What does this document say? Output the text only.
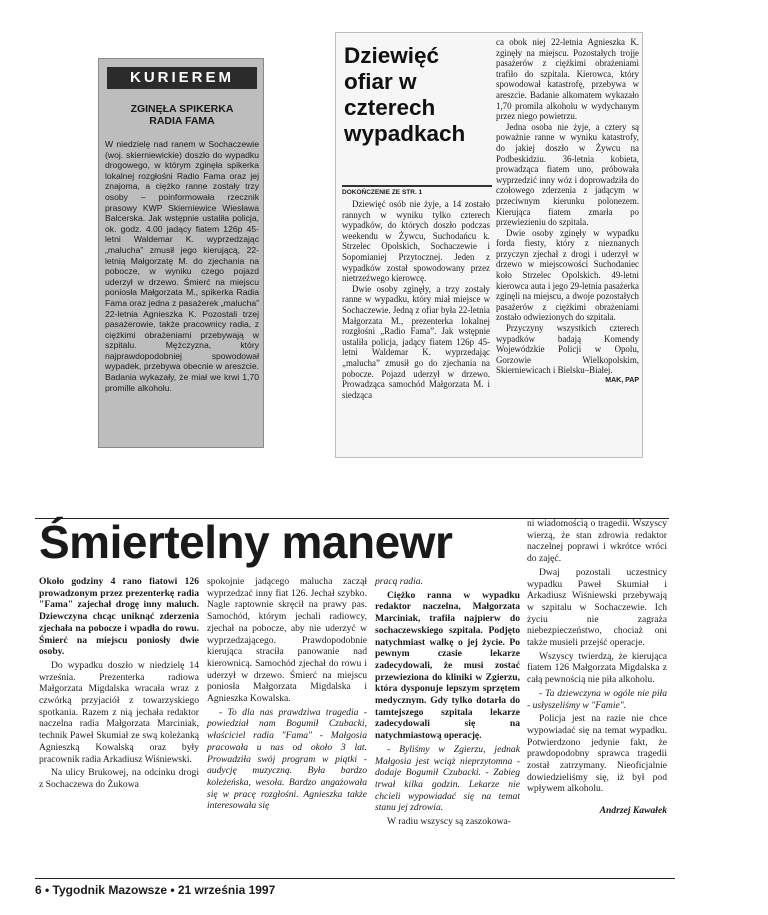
KURIEREM
ZGINĘŁA SPIKERKA RADIA FAMA
W niedzielę nad ranem w Sochaczewie (woj. skierniewickie) doszło do wypadku drogowego, w którym zginęła spikerka lokalnej rozgłośni Radio Fama oraz jej znajoma, a ciężko ranne zostały trzy osoby – poinformowała rzecznik prasowy KWP Skierniewice Wiesława Balcerska. Jak wstępnie ustaliła policja, ok. godz. 4.00 jadący fiatem 126p 45-letni Waldemar K. wyprzedzając „malucha” zmusił jego kierującą, 22-letnią Małgorzatę M. do zjechania na pobocze, w wyniku czego pojazd uderzył w drzewo. Śmierć na miejscu poniosła Małgorzata M., spikerka Radia Fama oraz jedna z pasażerek „malucha” 22-letnia Agnieszka K. Pozostali trzej pasażerowie, także pracownicy radia, z ciężkimi obrażeniami przebywają w szpitalu. Mężczyzna, który najprawdopodobniej spowodował wypadek, przebywa obecnie w areszcie. Badania wykazały, że miał we krwi 1,70 promille alkoholu.
Dziewięć ofiar w czterech wypadkach
DOKOŃCZENIE ZE STR. 1

Dziewięć osób nie żyje, a 14 zostało rannych w wyniku tylko czterech wypadków, do których doszło podczas weekendu w Żywcu, Suchodańcu k. Strzelec Opolskich, Sochaczewie i Sopomianiej Przytocznej. Jeden z wypadków został spowodowany przez nietrzeźwego kierowcę.

Dwie osoby zginęły, a trzy zostały ranne w wypadku, który miał miejsce w Sochaczewie. Jedną z ofiar była 22-letnia Małgorzata M., prezenterka lokalnej rozgłośni „Radio Fama”. Jak wstępnie ustaliła policja, jadący fiatem 126p 45-letni Waldemar K. wyprzedając „malucha” zmusił go do zjechania na pobocze. Pojazd uderzył w drzewo. Prowadząca samochód Małgorzata M. i siedząca

ca obok niej 22-letnia Agnieszka K. zginęły na miejscu. Pozostałych trojje pasażerów z ciężkimi obrażeniami trafiło do szpitala. Kierowca, który spowodował katastrofę, przebywa w areszcie. Badanie alkomatem wykazało 1,70 promila alkoholu w wydychanym przez niego powietrzu.

Jedna osoba nie żyje, a cztery są poważnie ranne w wyniku katastrofy, do jakiej doszło w Żywcu na Podbeskidziu. 36-letnia kobieta, prowadząca fiatem uno, próbowała wyprzedzić inny wóz i doprowadziła do czołowego zderzenia z jadącym w przeciwnym kierunku polonezem. Kierująca fiatem zmarła po przewiezieniu do szpitala.

Dwie osoby zginęły w wypadku forda fiesty, który z nieznanych przyczyn zjechał z drogi i uderzył w drzewo w miejscowości Suchodaniec koło Strzelec Opolskich. 49-letni kierowca auta i jego 29-letnia pasażerka zginęli na miejscu, a dwoje pozostałych pasażerów z ciężkimi obrażeniami zostało odwiezionych do szpitala.

Przyczyny wszystkich czterech wypadków badają Komendy Wojewódzkie Policji w Opolu, Gorzowie Wielkopolskim, Skierniewicach i Bielsku–Białej.

MAK, PAP
Śmiertelny manewr

Około godziny 4 rano fiatowi 126 prowadzonym przez prezenterkę radia "Fama" zajechał drogę inny maluch. Dziewczyna chcąc uniknąć zderzenia zjechała na pobocze i wpadła do rowu. Śmierć na miejscu poniosły dwie osoby.

Do wypadku doszło w niedzielę 14 września. Prezenterka radiowa Małgorzata Migdalska wracała wraz z czwórką przyjaciół z towarzyskiego spotkania. Razem z nią jechała redaktor naczelna radia Małgorzata Marciniak, technik Paweł Skumiał ze swą koleżanką Agnieszką Kowalską oraz były pracownik radia Arkadiusz Wiśniewski.

Na ulicy Brukowej, na odcinku drogi z Sochaczewa do Żukowa

spokojnie jadącego malucha zaczął wyprzedzać inny fiat 126. Jechał szybko. Nagle raptownie skręcił na prawy pas. Samochód, którym jechali radiowcy, zjechał na pobocze, aby nie uderzyć w wyprzedzającego. Prawdopodobnie kierująca straciła panowanie nad kierownicą. Samochód zjechał do rowu i uderzył w drzewo. Śmierć na miejscu poniosła Małgorzata Migdalska i Agnieszka Kowalska.

- To dla nas prawdziwa tragedia - powiedział nam Bogumił Czubacki, właściciel radia "Fama" - Małgosia pracowała u nas od około 3 lat. Prowadziła swój program w piątki - audycję muzyczną. Była bardzo koleżeńska, wesoła. Bardzo angażowała się w pracę rozgłośni. Agnieszka także interesowała się

pracą radia.

Ciężko ranna w wypadku redaktor naczelna, Małgorzata Marciniak, trafiła najpierw do sochaczewskiego szpitala. Podjęto natychmiast walkę o jej życie. Po pewnym czasie lekarze zadecydowali, że musi zostać przewieziona do kliniki w Zgierzu, która dysponuje lepszym sprzętem medycznym. Gdy tylko dotarła do tamtejszego szpitala lekarze zadecydowali się na natychmiastową operację.

- Byliśmy w Zgierzu, jednak Małgosia jest wciąż nieprzytomna - dodaje Bogumił Czubacki. - Zabieg trwał kilka godzin. Lekarze nie chcieli wypowiadać się na temat stanu jej zdrowia.

W radiu wszyscy są zaszokowa-

ni wiadomością o tragedii. Wszyscy wierzą, że stan zdrowia redaktor naczelnej poprawi i wkrótce wróci do zajęć.

Dwaj pozostali uczestnicy wypadku Paweł Skumiał i Arkadiusz Wiśniewski przebywają w szpitalu w Sochaczewie. Ich życiu nie zagraża niebezpieczeństwo, chociaż oni także musieli przejść operacje.

Wszyscy twierdzą, że kierująca fiatem 126 Małgorzata Migdalska z całą pewnością nie piła alkoholu.

- Ta dziewczyna w ogóle nie piła - usłyszeliśmy w "Famie".

Policja jest na razie nie chce wypowiadać się na temat wypadku. Potwierdzono jedynie fakt, że prawdopodobny sprawca tragedii został zatrzymany. Nieoficjalnie dowiedzieliśmy się, iż był pod wpływem alkoholu.

Andrzej Kawałek
6 • Tygodnik Mazowsze • 21 września 1997
